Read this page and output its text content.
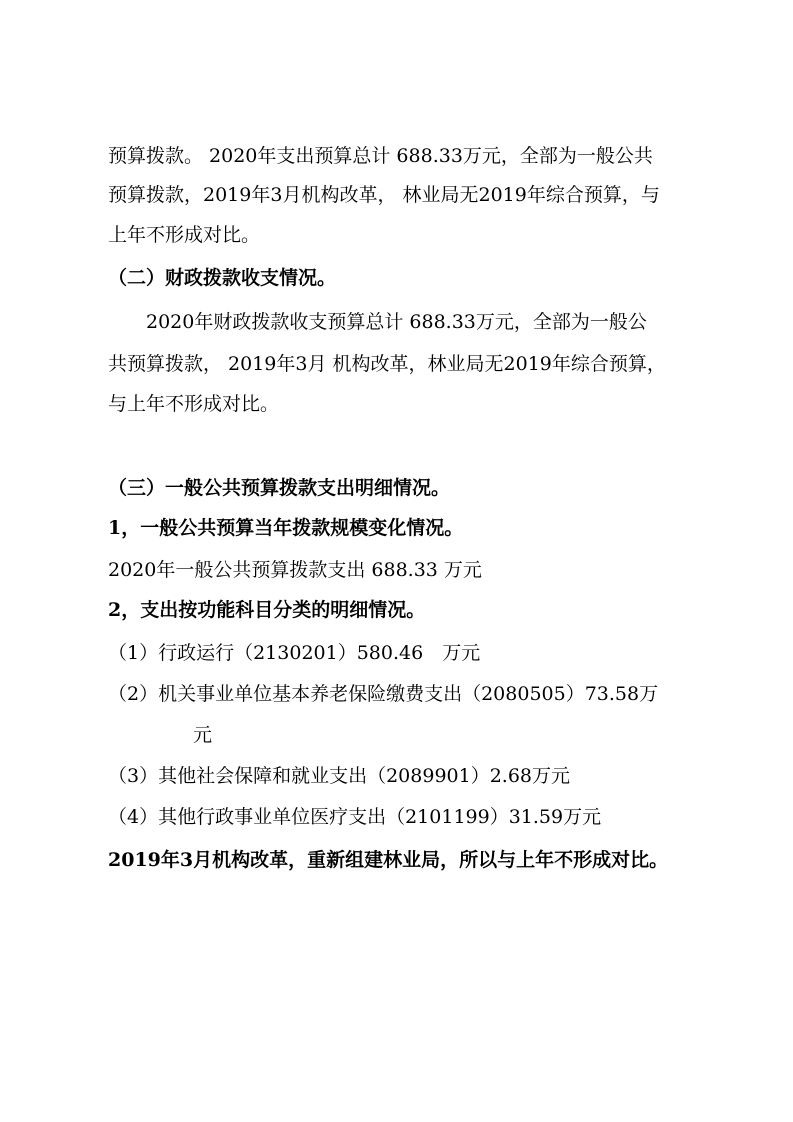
预算拨款。 2020年支出预算总计 688.33万元，全部为一般公共
预算拨款，2019年3月机构改革， 林业局无2019年综合预算，与
上年不形成对比。
（二）财政拨款收支情况。
2020年财政拨款收支预算总计 688.33万元，全部为一般公
共预算拨款， 2019年3月 机构改革，林业局无2019年综合预算，
与上年不形成对比。
（三）一般公共预算拨款支出明细情况。
1，一般公共预算当年拨款规模变化情况。
2020年一般公共预算拨款支出 688.33 万元
2，支出按功能科目分类的明细情况。
（1）行政运行（2130201）580.46　万元
（2）机关事业单位基本养老保险缴费支出（2080505）73.58万
元
（3）其他社会保障和就业支出（2089901）2.68万元
（4）其他行政事业单位医疗支出（2101199）31.59万元
2019年3月机构改革，重新组建林业局，所以与上年不形成对比。
